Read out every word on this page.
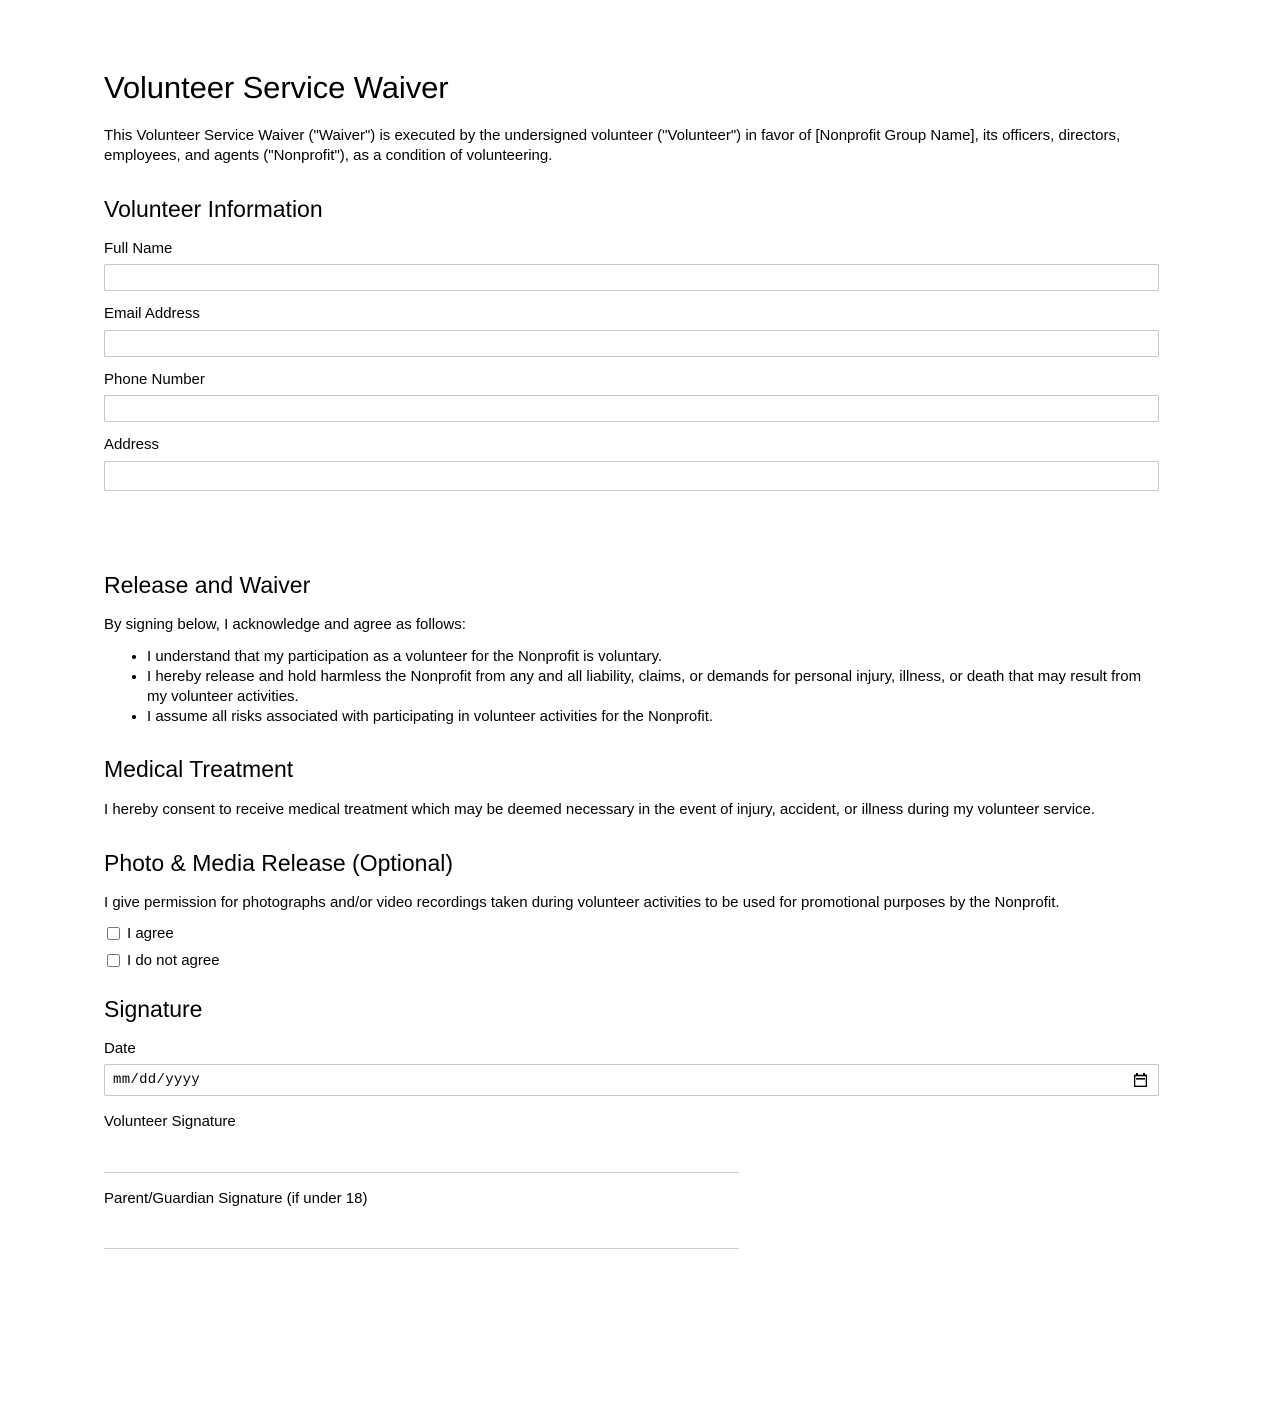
Volunteer Service Waiver

This Volunteer Service Waiver ("Waiver") is executed by the undersigned volunteer ("Volunteer") in favor of [Nonprofit Group Name], its officers, directors, employees, and agents ("Nonprofit"), as a condition of volunteering.

Volunteer Information
Full Name
Email Address
Phone Number
Address
Release and Waiver

By signing below, I acknowledge and agree as follows:

• I understand that my participation as a volunteer for the Nonprofit is voluntary.
• I hereby release and hold harmless the Nonprofit from any and all liability, claims, or demands for personal injury, illness, or death that may result from my volunteer activities.
• I assume all risks associated with participating in volunteer activities for the Nonprofit.
Medical Treatment

I hereby consent to receive medical treatment which may be deemed necessary in the event of injury, accident, or illness during my volunteer service.

Photo & Media Release (Optional)

I give permission for photographs and/or video recordings taken during volunteer activities to be used for promotional purposes by the Nonprofit.

I agree
I do not agree
Signature
Date
mm/dd/yyyy
Volunteer Signature
Parent/Guardian Signature (if under 18)
